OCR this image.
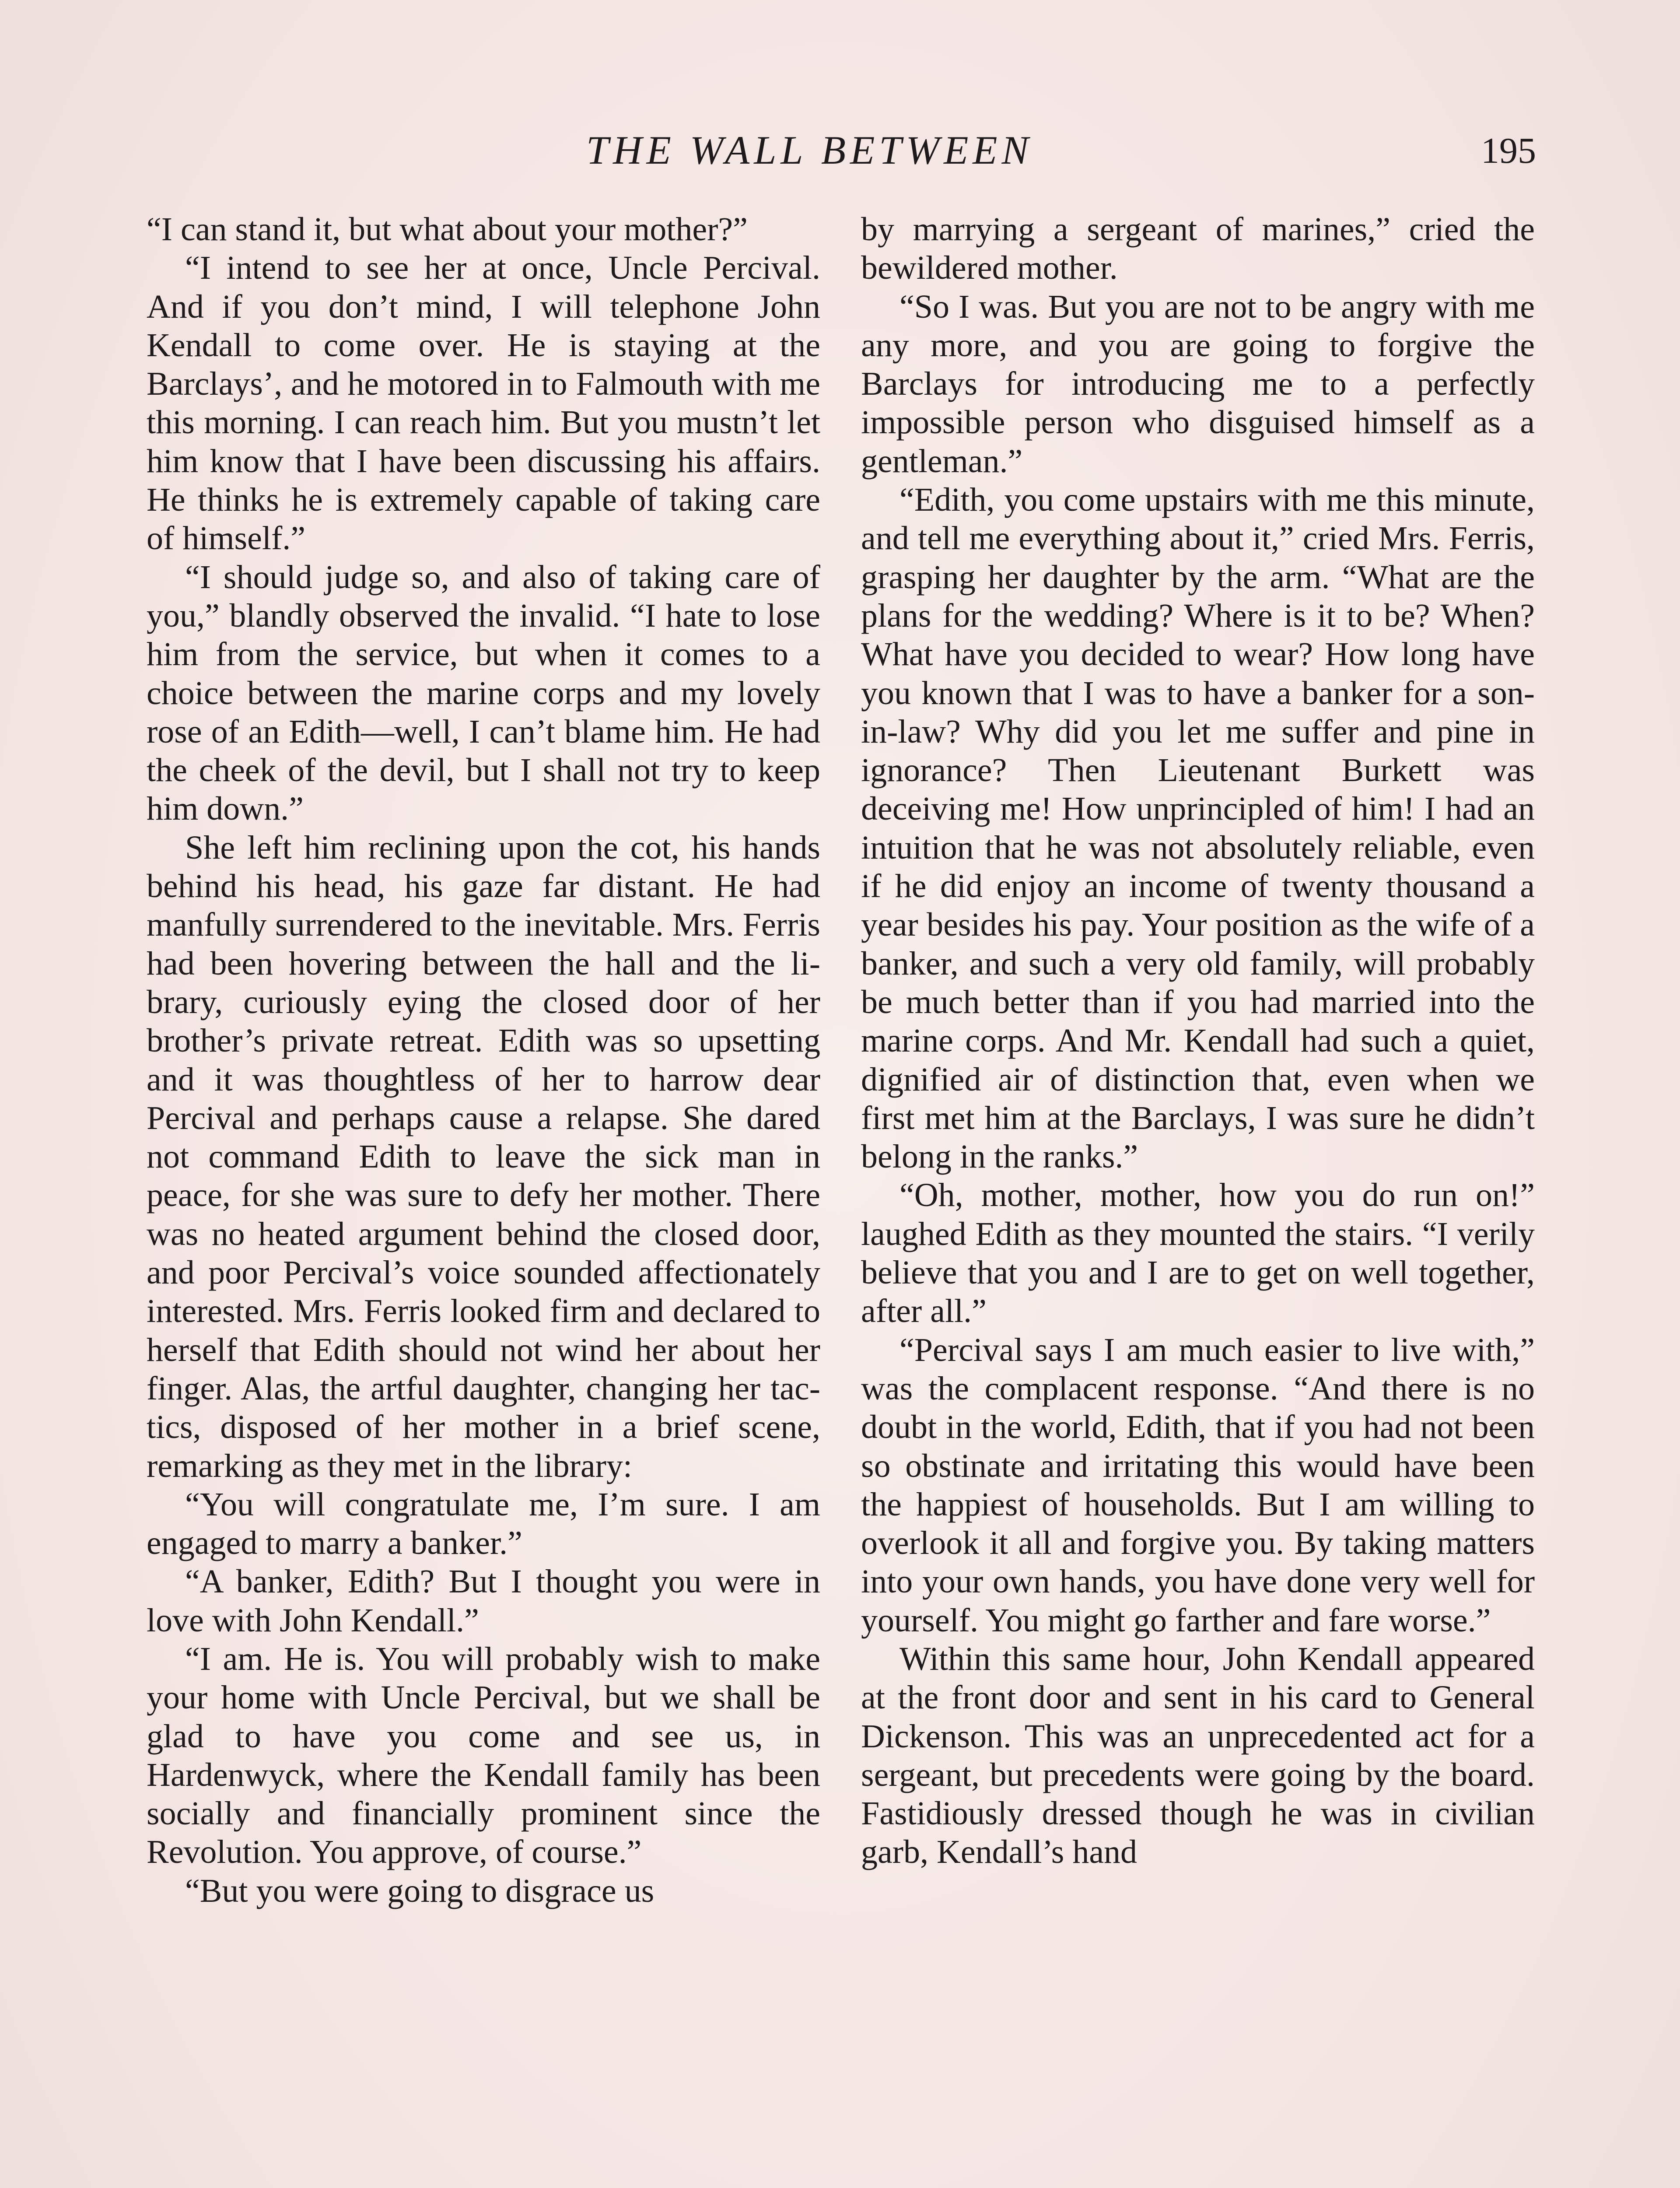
THE WALL BETWEEN	195

“I can stand it, but what about your mother?”

“I intend to see her at once, Uncle Percival. And if you don’t mind, I will telephone John Kendall to come over. He is staying at the Barclays’, and he motored in to Falmouth with me this morning. I can reach him. But you mustn’t let him know that I have been discussing his affairs. He thinks he is extremely capable of taking care of himself.”

“I should judge so, and also of taking care of you,” blandly observed the invalid. “I hate to lose him from the service, but when it comes to a choice between the marine corps and my lovely rose of an Edith—well, I can’t blame him. He had the cheek of the devil, but I shall not try to keep him down.”

She left him reclining upon the cot, his hands behind his head, his gaze far distant. He had manfully surrendered to the inevitable. Mrs. Ferris had been hovering between the hall and the library, curiously eying the closed door of her brother’s private retreat. Edith was so upsetting and it was thoughtless of her to harrow dear Percival and perhaps cause a relapse. She dared not command Edith to leave the sick man in peace, for she was sure to defy her mother. There was no heated argument behind the closed door, and poor Percival’s voice sounded affectionately interested. Mrs. Ferris looked firm and declared to herself that Edith should not wind her about her finger. Alas, the artful daughter, changing her tactics, disposed of her mother in a brief scene, remarking as they met in the library:

“You will congratulate me, I’m sure. I am engaged to marry a banker.”

“A banker, Edith? But I thought you were in love with John Kendall.”

“I am. He is. You will probably wish to make your home with Uncle Percival, but we shall be glad to have you come and see us, in Hardenwyck, where the Kendall family has been socially and financially prominent since the Revolution. You approve, of course.”

“But you were going to disgrace us

by marrying a sergeant of marines,” cried the bewildered mother.

“So I was. But you are not to be angry with me any more, and you are going to forgive the Barclays for introducing me to a perfectly impossible person who disguised himself as a gentleman.”

“Edith, you come upstairs with me this minute, and tell me everything about it,” cried Mrs. Ferris, grasping her daughter by the arm. “What are the plans for the wedding? Where is it to be? When? What have you decided to wear? How long have you known that I was to have a banker for a son-in-law? Why did you let me suffer and pine in ignorance? Then Lieutenant Burkett was deceiving me! How unprincipled of him! I had an intuition that he was not absolutely reliable, even if he did enjoy an income of twenty thousand a year besides his pay. Your position as the wife of a banker, and such a very old family, will probably be much better than if you had married into the marine corps. And Mr. Kendall had such a quiet, dignified air of distinction that, even when we first met him at the Barclays, I was sure he didn’t belong in the ranks.”

“Oh, mother, mother, how you do run on!” laughed Edith as they mounted the stairs. “I verily believe that you and I are to get on well together, after all.”

“Percival says I am much easier to live with,” was the complacent response. “And there is no doubt in the world, Edith, that if you had not been so obstinate and irritating this would have been the happiest of households. But I am willing to overlook it all and forgive you. By taking matters into your own hands, you have done very well for yourself. You might go farther and fare worse.”

Within this same hour, John Kendall appeared at the front door and sent in his card to General Dickenson. This was an unprecedented act for a sergeant, but precedents were going by the board. Fastidiously dressed though he was in civilian garb, Kendall’s hand
